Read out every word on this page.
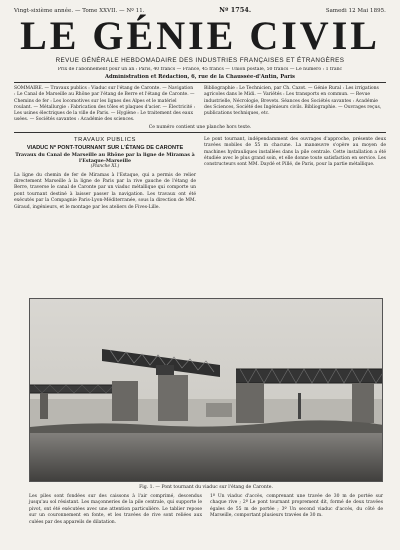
Vingt-sixième année. — Tome XXVII. — Nº 11.	Nº 1754.	Samedi 12 Mai 1895.
LE GÉNIE CIVIL
REVUE GÉNÉRALE HEBDOMADAIRE DES INDUSTRIES FRANÇAISES ET ÉTRANGÈRES
Prix de l'abonnement pour un an : Paris, 40 francs — France, 45 francs — Union postale, 50 francs — Le numéro : 1 franc
Administration et Rédaction, 6, rue de la Chaussée-d'Antin, Paris
SOMMAIRE. — Travaux publics : Viaduc sur l'étang de Caronte. — Navigation : Le Canal de Marseille au Rhône par l'étang de Berre et l'étang de Caronte. — Chemins de fer : Les locomotives sur les lignes des Alpes et le matériel roulant. — Métallurgie : Fabrication des tôles et plaques d'acier. — Électricité : Les usines électriques de la ville de Paris. — Hygiène : Le traitement des eaux usées. — Sociétés savantes : Académie des sciences.
Bibliographie : Le Technicien, par Ch. Cazot. — Génie Rural : Les irrigations agricoles dans le Midi. — Variétés : Les transports en commun. — Revue industrielle, Nécrologie, Brevets. Séances des Sociétés savantes : Académie des Sciences, Société des Ingénieurs civils. Bibliographie. — Ouvrages reçus, publications techniques, etc.
Ce numéro contient une planche hors texte.
TRAVAUX PUBLICS
VIADUC Nº PONT-TOURNANT SUR L'ÉTANG DE CARONTE
Travaux du Canal de Marseille au Rhône par la ligne de Miramas à l'Estaque-Marseille
(Planche XI.)
La ligne du chemin de fer de Miramas à l'Estaque, qui a permis de relier directement Marseille à la ligne de Paris par la rive gauche de l'étang de Berre, traverse le canal de Caronte par un viaduc métallique qui comporte un pont tournant destiné à laisser passer la navigation. Les travaux ont été exécutés par la Compagnie Paris-Lyon-Méditerranée, sous la direction de MM. Giraud, ingénieurs, et le montage par les ateliers de Fives-Lille.
Le pont tournant, indépendamment des ouvrages d'approche, présente deux travées mobiles de 55 m chacune. La manœuvre s'opère au moyen de machines hydrauliques installées dans la pile centrale. Cette installation a été étudiée avec le plus grand soin, et elle donne toute satisfaction en service. Les constructeurs sont MM. Daydé et Pillé, de Paris, pour la partie métallique.
Fig. 1. — Pont tournant du viaduc sur l'étang de Caronte.
Les piles sont fondées sur des caissons à l'air comprimé, descendus jusqu'au sol résistant. Les maçonneries de la pile centrale, qui supporte le pivot, ont été exécutées avec une attention particulière. Le tablier repose sur un couronnement en fonte, et les travées de rive sont reliées aux culées par des appareils de dilatation.
1º Un viaduc d'accès, comprenant une travée de 30 m de portée sur chaque rive ; 2º Le pont tournant proprement dit, formé de deux travées égales de 55 m de portée ; 3º Un second viaduc d'accès, du côté de Marseille, comportant plusieurs travées de 30 m.
